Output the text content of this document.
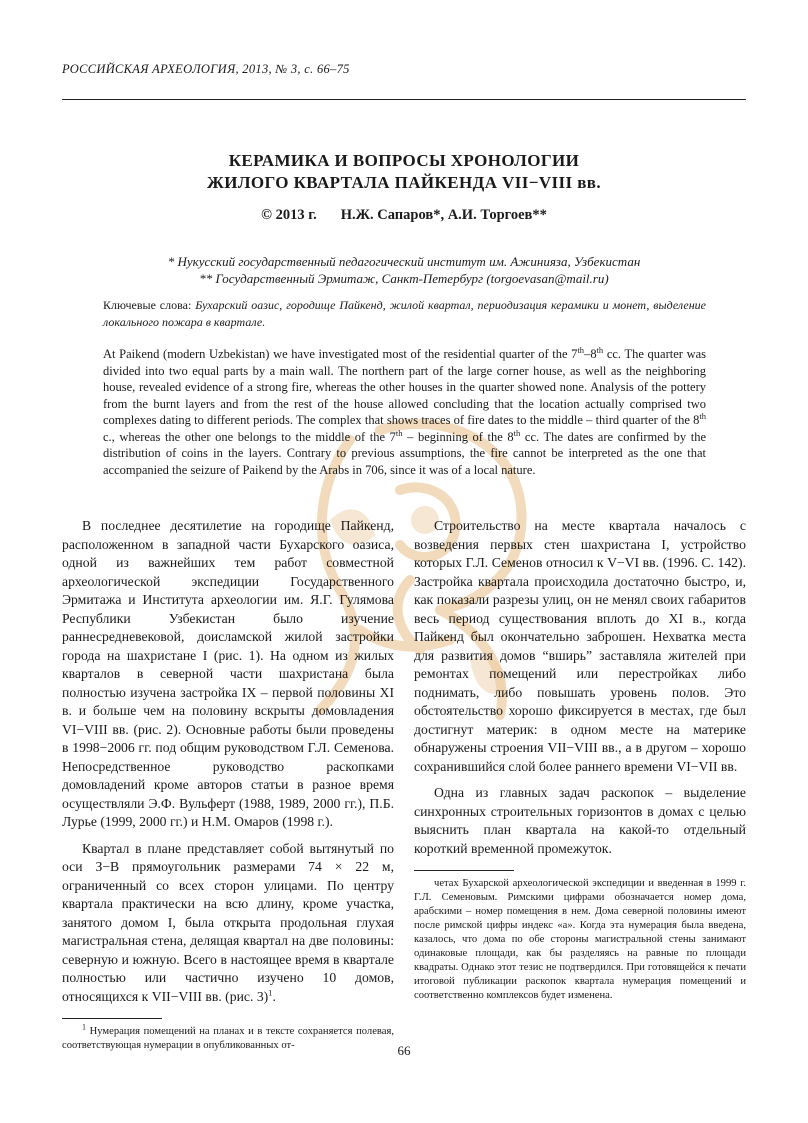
РОССИЙСКАЯ АРХЕОЛОГИЯ, 2013, № 3, с. 66–75
КЕРАМИКА И ВОПРОСЫ ХРОНОЛОГИИ
ЖИЛОГО КВАРТАЛА ПАЙКЕНДА VII−VIII вв.
© 2013 г. Н.Ж. Сапаров*, А.И. Торгоев**
* Нукусский государственный педагогический институт им. Ажинияза, Узбекистан
** Государственный Эрмитаж, Санкт-Петербург (torgoevasan@mail.ru)
Ключевые слова: Бухарский оазис, городище Пайкенд, жилой квартал, периодизация керамики и монет, выделение локального пожара в квартале.
At Paikend (modern Uzbekistan) we have investigated most of the residential quarter of the 7th–8th cc. The quarter was divided into two equal parts by a main wall. The northern part of the large corner house, as well as the neighboring house, revealed evidence of a strong fire, whereas the other houses in the quarter showed none. Analysis of the pottery from the burnt layers and from the rest of the house allowed concluding that the location actually comprised two complexes dating to different periods. The complex that shows traces of fire dates to the middle – third quarter of the 8th c., whereas the other one belongs to the middle of the 7th – beginning of the 8th cc. The dates are confirmed by the distribution of coins in the layers. Contrary to previous assumptions, the fire cannot be interpreted as the one that accompanied the seizure of Paikend by the Arabs in 706, since it was of a local nature.

В последнее десятилетие на городище Пайкенд, расположенном в западной части Бухарского оазиса, одной из важнейших тем работ совместной археологической экспедиции Государственного Эрмитажа и Института археологии им. Я.Г. Гулямова Республики Узбекистан было изучение раннесредневековой, доисламской жилой застройки города на шахристане I (рис. 1). На одном из жилых кварталов в северной части шахристана была полностью изучена застройка IX – первой половины XI в. и больше чем на половину вскрыты домовладения VI−VIII вв. (рис. 2). Основные работы были проведены в 1998−2006 гг. под общим руководством Г.Л. Семенова. Непосредственное руководство раскопками домовладений кроме авторов статьи в разное время осуществляли Э.Ф. Вульферт (1988, 1989, 2000 гг.), П.Б. Лурье (1999, 2000 гг.) и Н.М. Омаров (1998 г.).

Квартал в плане представляет собой вытянутый по оси З−В прямоугольник размерами 74 × 22 м, ограниченный со всех сторон улицами. По центру квартала практически на всю длину, кроме участка, занятого домом I, была открыта продольная глухая магистральная стена, делящая квартал на две половины: северную и южную. Всего в настоящее время в квартале полностью или частично изучено 10 домов, относящихся к VII−VIII вв. (рис. 3)$^1$.

$^1$ Нумерация помещений на планах и в тексте сохраняется полевая, соответствующая нумерации в опубликованных от-

Строительство на месте квартала началось с возведения первых стен шахристана I, устройство которых Г.Л. Семенов относил к V−VI вв. (1996. С. 142). Застройка квартала происходила достаточно быстро, и, как показали разрезы улиц, он не менял своих габаритов весь период существования вплоть до XI в., когда Пайкенд был окончательно заброшен. Нехватка места для развития домов “вширь” заставляла жителей при ремонтах помещений или перестройках либо поднимать, либо повышать уровень полов. Это обстоятельство хорошо фиксируется в местах, где был достигнут материк: в одном месте на материке обнаружены строения VII−VIII вв., а в другом – хорошо сохранившийся слой более раннего времени VI−VII вв.

Одна из главных задач раскопок – выделение синхронных строительных горизонтов в домах с целью выяснить план квартала на какой-то отдельный короткий временной промежуток.

четах Бухарской археологической экспедиции и введенная в 1999 г. Г.Л. Семеновым. Римскими цифрами обозначается номер дома, арабскими – номер помещения в нем. Дома северной половины имеют после римской цифры индекс «а». Когда эта нумерация была введена, казалось, что дома по обе стороны магистральной стены занимают одинаковые площади, как бы разделяясь на равные по площади квадраты. Однако этот тезис не подтвердился. При готовящейся к печати итоговой публикации раскопок квартала нумерация помещений и соответственно комплексов будет изменена.

66
